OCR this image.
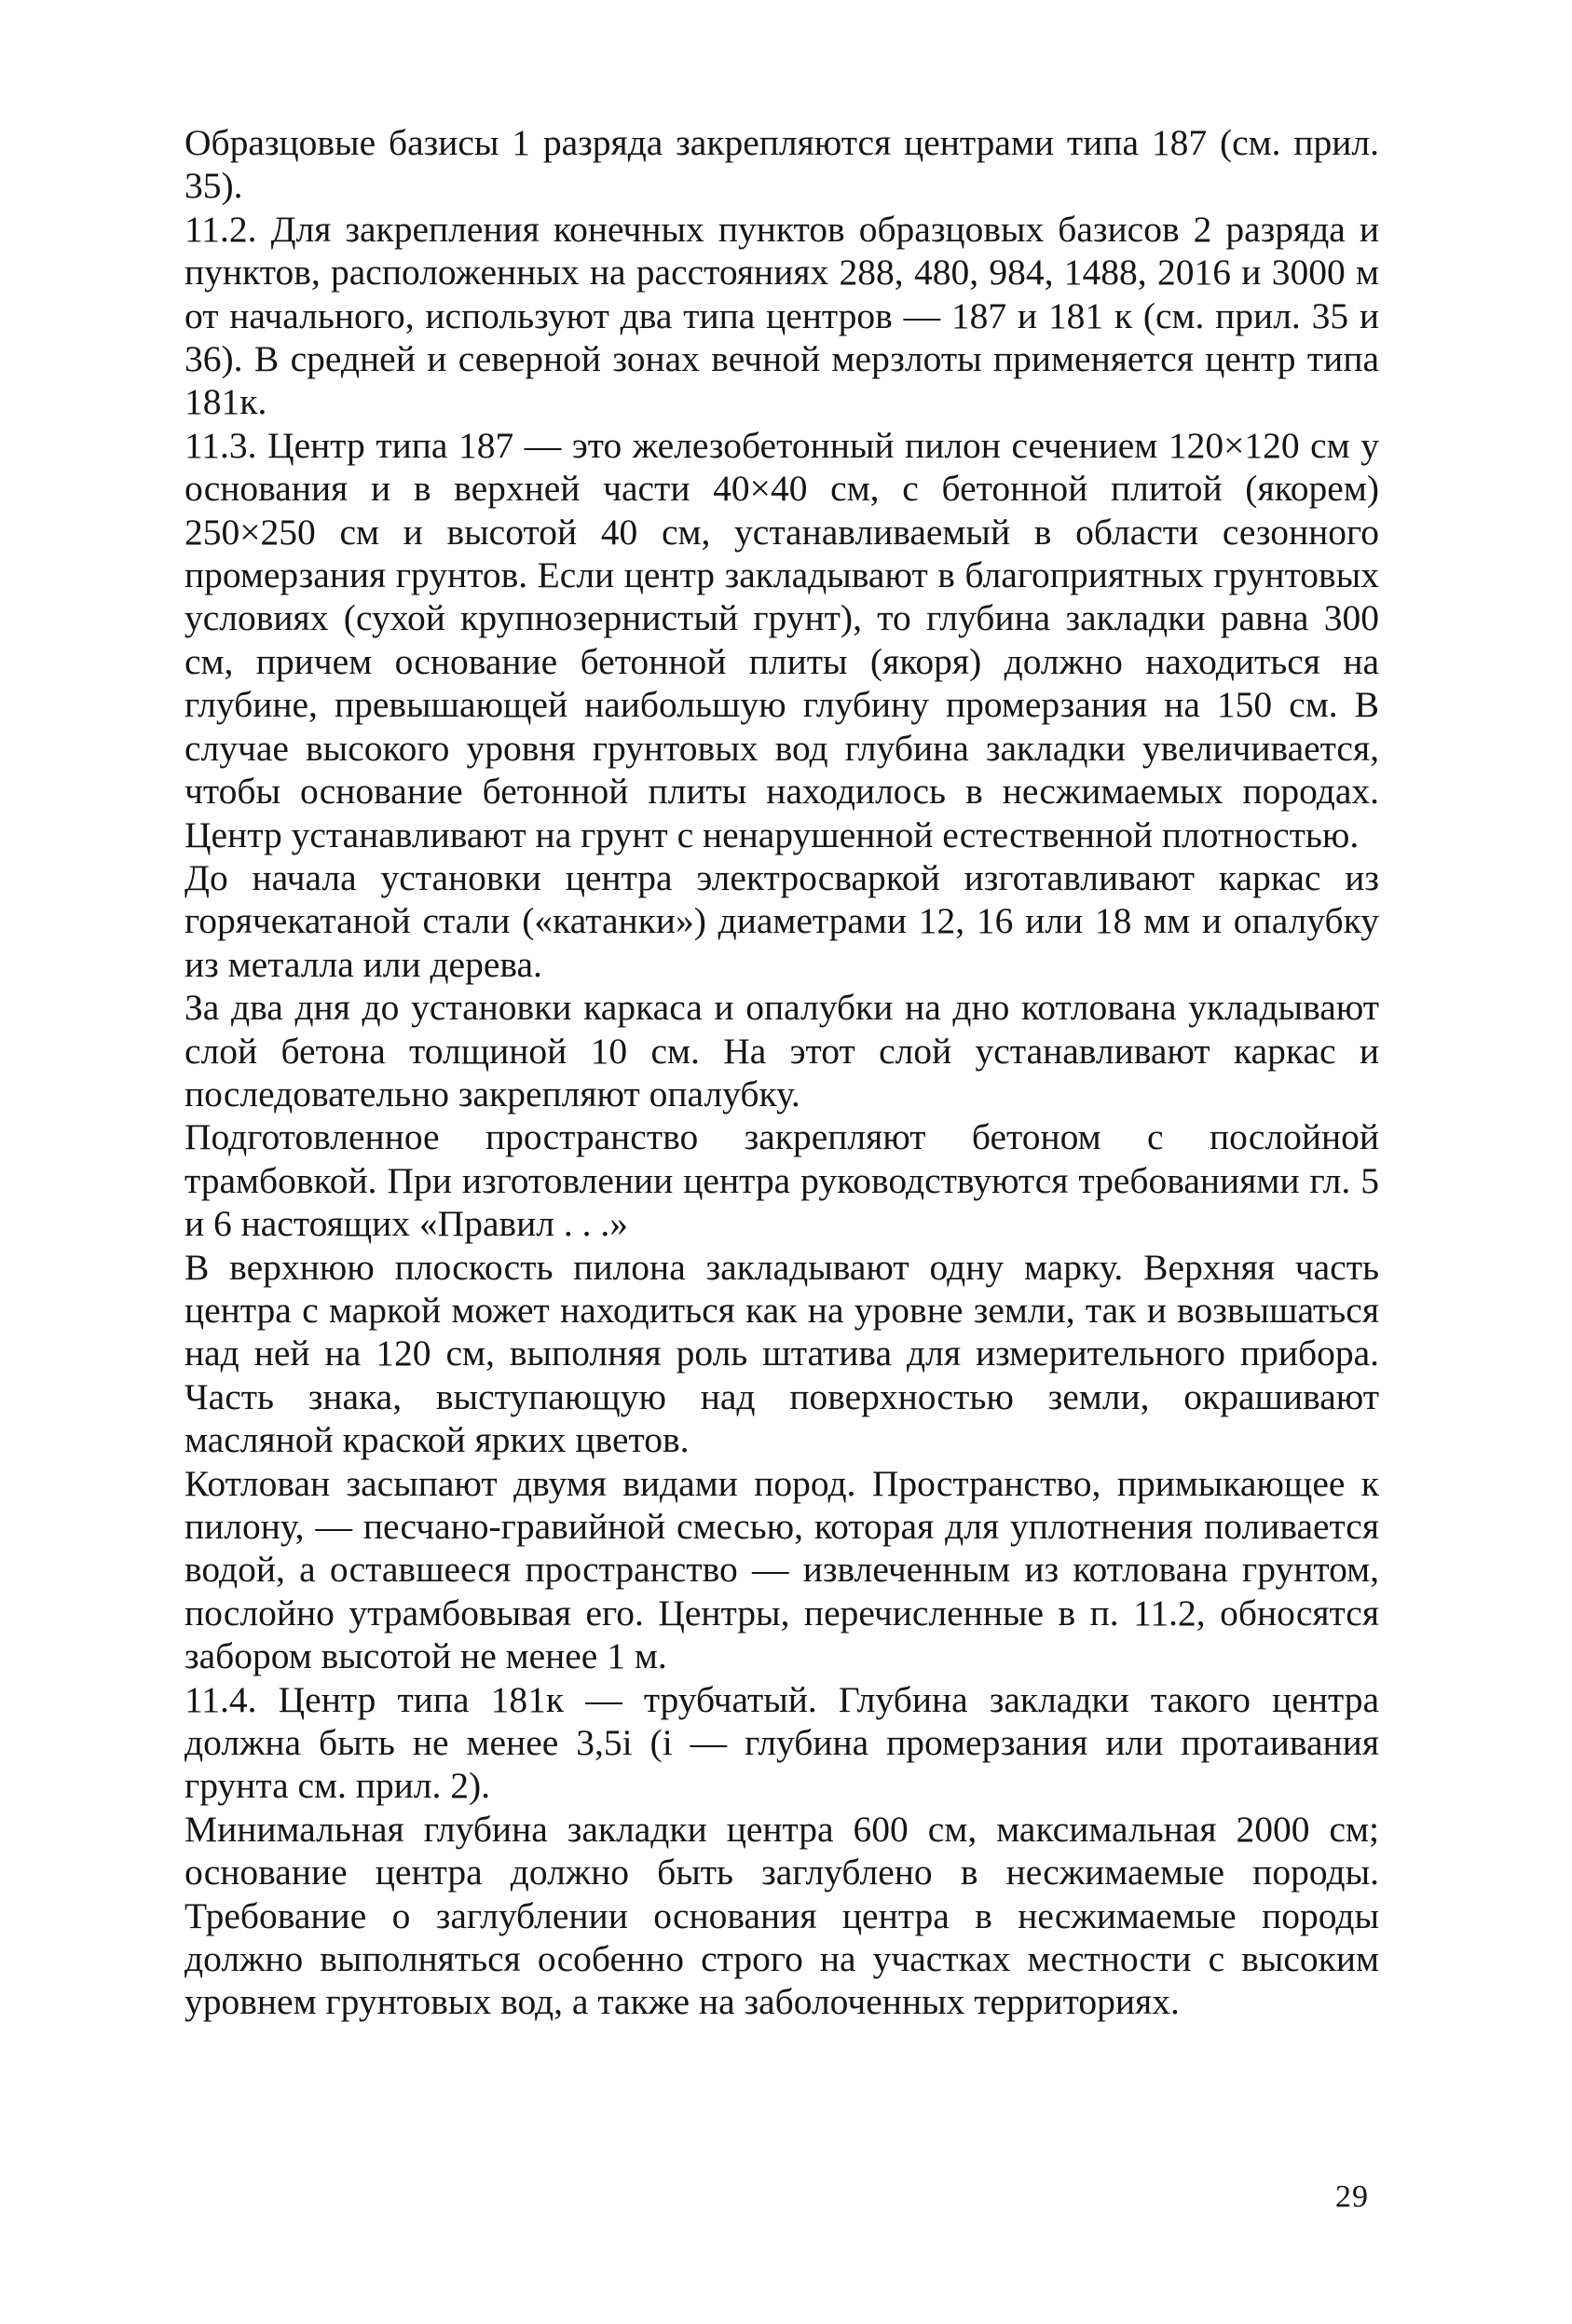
Образцовые базисы 1 разряда закрепляются центрами типа 187 (см. прил. 35).

11.2. Для закрепления конечных пунктов образцовых базисов 2 разряда и пунктов, расположенных на расстояниях 288, 480, 984, 1488, 2016 и 3000 м от начального, используют два типа центров — 187 и 181 к (см. прил. 35 и 36). В средней и северной зонах вечной мерзлоты применяется центр типа 181к.

11.3. Центр типа 187 — это железобетонный пилон сечением 120×120 см у основания и в верхней части 40×40 см, с бетонной плитой (якорем) 250×250 см и высотой 40 см, устанавливаемый в области сезонного промерзания грунтов. Если центр закладывают в благоприятных грунтовых условиях (сухой крупнозернистый грунт), то глубина закладки равна 300 см, причем основание бетонной плиты (якоря) должно находиться на глубине, превышающей наибольшую глубину промерзания на 150 см. В случае высокого уровня грунтовых вод глубина закладки увеличивается, чтобы основание бетонной плиты находилось в несжимаемых породах. Центр устанавливают на грунт с ненарушенной естественной плотностью.

До начала установки центра электросваркой изготавливают каркас из горячекатаной стали («катанки») диаметрами 12, 16 или 18 мм и опалубку из металла или дерева.

За два дня до установки каркаса и опалубки на дно котлована укладывают слой бетона толщиной 10 см. На этот слой устанавливают каркас и последовательно закрепляют опалубку.

Подготовленное пространство закрепляют бетоном с послойной трамбовкой. При изготовлении центра руководствуются требованиями гл. 5 и 6 настоящих «Правил . . .»

В верхнюю плоскость пилона закладывают одну марку. Верхняя часть центра с маркой может находиться как на уровне земли, так и возвышаться над ней на 120 см, выполняя роль штатива для измерительного прибора. Часть знака, выступающую над поверхностью земли, окрашивают масляной краской ярких цветов.

Котлован засыпают двумя видами пород. Пространство, примыкающее к пилону, — песчано-гравийной смесью, которая для уплотнения поливается водой, а оставшееся пространство — извлеченным из котлована грунтом, послойно утрамбовывая его. Центры, перечисленные в п. 11.2, обносятся забором высотой не менее 1 м.

11.4. Центр типа 181к — трубчатый. Глубина закладки такого центра должна быть не менее 3,5i (i — глубина промерзания или протаивания грунта см. прил. 2).

Минимальная глубина закладки центра 600 см, максимальная 2000 см; основание центра должно быть заглублено в несжимаемые породы. Требование о заглублении основания центра в несжимаемые породы должно выполняться особенно строго на участках местности с высоким уровнем грунтовых вод, а также на заболоченных территориях.

29
